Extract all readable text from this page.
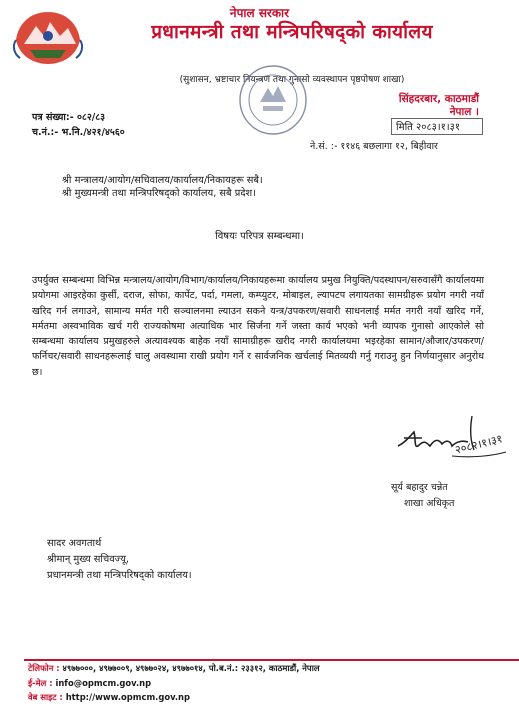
नेपाल सरकार
प्रधानमन्त्री तथा मन्त्रिपरिषद्को कार्यालय
(सुशासन, भ्रष्टाचार नियन्त्रण तथा गुनासो व्यवस्थापन पृष्ठपोषण शाखा)
सिंहदरबार, काठमाडौं
नेपाल ।
पत्र संख्या:- ०८२/८३
च.नं.:- भ.नि./४२१/४५६०	मिति २०८३।१।३१
ने.सं. :- ११४६ बछलागा १२, बिहीवार
श्री मन्त्रालय/आयोग/सचिवालय/कार्यालय/निकायहरू सबै।
श्री मुख्यमन्त्री तथा मन्त्रिपरिषद्को कार्यालय, सबै प्रदेश।
विषयः परिपत्र सम्बन्धमा।
उपर्युक्त सम्बन्धमा विभिन्न मन्त्रालय/आयोग/विभाग/कार्यालय/निकायहरूमा कार्यालय प्रमुख नियुक्ति/पदस्थापन/सरुवासँगै कार्यालयमा प्रयोगमा आइरहेका कुर्सी, दराज, सोफा, कार्पेट, पर्दा, गमला, कम्प्युटर, मोबाइल, ल्यापटप लगायतका सामग्रीहरू प्रयोग नगरी नयाँ खरिद गर्न लगाउने, सामान्य मर्मत गरी सञ्चालनमा ल्याउन सकने यन्त्र/उपकरण/सवारी साधनलाई मर्मत नगरी नयाँ खरिद गर्ने, मर्मतमा अस्वभाविक खर्च गरी राज्यकोषमा अत्याधिक भार सिर्जना गर्ने जस्ता कार्य भएको भनी व्यापक गुनासो आएकोले सो सम्बन्धमा कार्यालय प्रमुखहरुले अत्यावश्यक बाहेक नयाँ सामाग्रीहरू खरीद नगरी कार्यालयमा भइरहेका सामान/औजार/उपकरण/फर्निचर/सवारी साधनहरूलाई चालु अवस्थामा राखी प्रयोग गर्ने र सार्वजनिक खर्चलाई मितव्ययी गर्नु गराउनु हुन निर्णयानुसार अनुरोध छ।
२०८२।१।३१
सूर्य बहादुर चन्नेत
शाखा अधिकृत
सादर अवगतार्थ
श्रीमान् मुख्य सचिवज्यू,
प्रधानमन्त्री तथा मन्त्रिपरिषद्को कार्यालय।
टेलिफोन : ४९७७०००, ४९७७००९, ४९७७०२४, ४९७७०१४, पो.ब.नं.: २३३१२, काठमाडौं, नेपाल
ई-मेल : info@opmcm.gov.np
वेब साइट : http://www.opmcm.gov.np
